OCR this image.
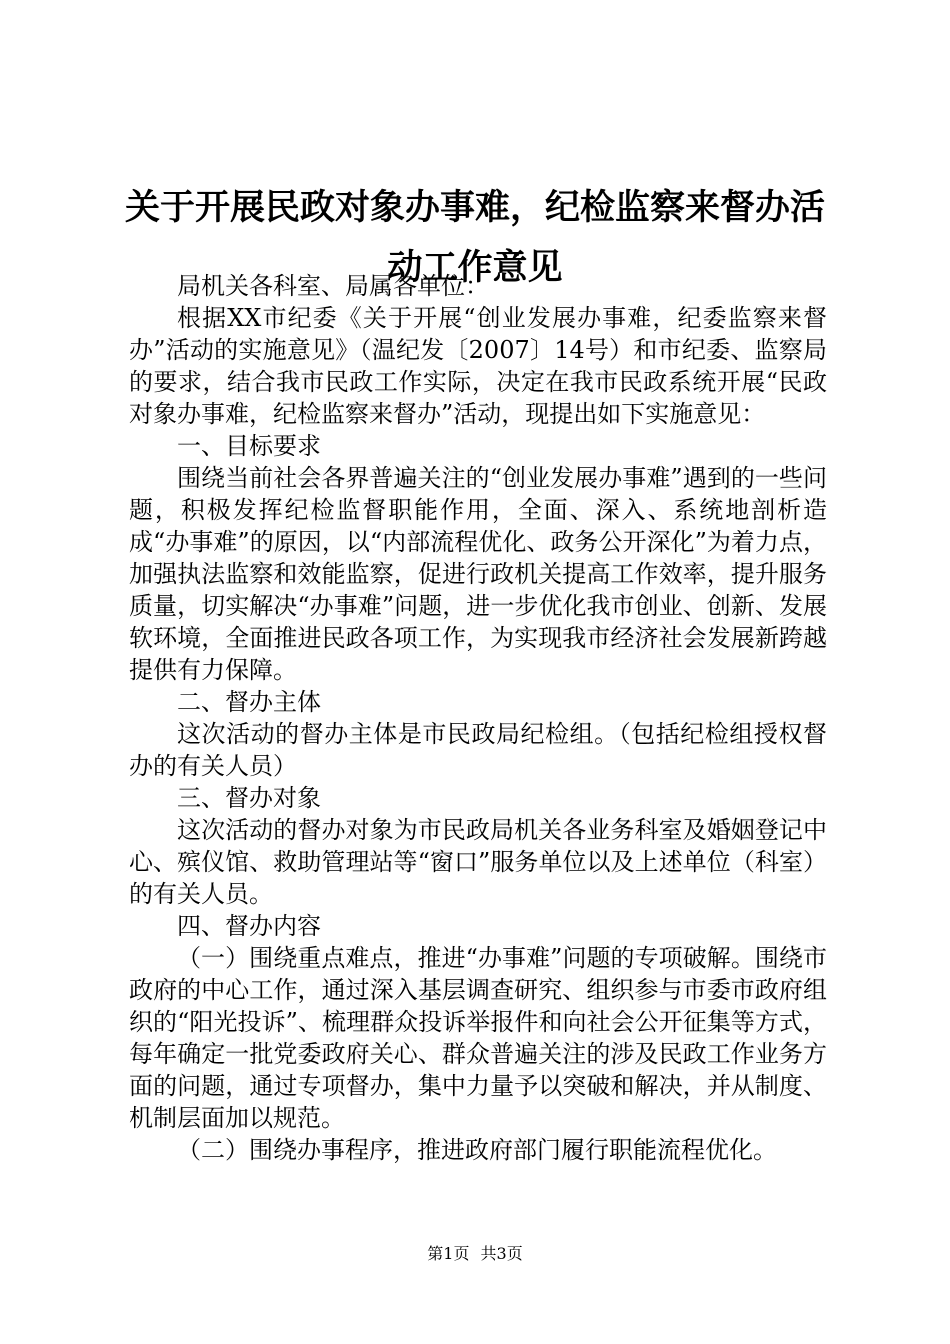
关于开展民政对象办事难，纪检监察来督办活
动工作意见

局机关各科室、局属各单位：

根据XX市纪委《关于开展“创业发展办事难，纪委监察来督办”活动的实施意见》（温纪发〔2007〕14号）和市纪委、监察局的要求，结合我市民政工作实际，决定在我市民政系统开展“民政对象办事难，纪检监察来督办”活动，现提出如下实施意见：

一、目标要求

围绕当前社会各界普遍关注的“创业发展办事难”遇到的一些问题，积极发挥纪检监督职能作用，全面、深入、系统地剖析造成“办事难”的原因，以“内部流程优化、政务公开深化”为着力点，加强执法监察和效能监察，促进行政机关提高工作效率，提升服务质量，切实解决“办事难”问题，进一步优化我市创业、创新、发展软环境，全面推进民政各项工作，为实现我市经济社会发展新跨越提供有力保障。

二、督办主体

这次活动的督办主体是市民政局纪检组。（包括纪检组授权督办的有关人员）

三、督办对象

这次活动的督办对象为市民政局机关各业务科室及婚姻登记中心、殡仪馆、救助管理站等“窗口”服务单位以及上述单位（科室）的有关人员。

四、督办内容

（一）围绕重点难点，推进“办事难”问题的专项破解。围绕市政府的中心工作，通过深入基层调查研究、组织参与市委市政府组织的“阳光投诉”、梳理群众投诉举报件和向社会公开征集等方式，每年确定一批党委政府关心、群众普遍关注的涉及民政工作业务方面的问题，通过专项督办，集中力量予以突破和解决，并从制度、机制层面加以规范。

（二）围绕办事程序，推进政府部门履行职能流程优化。

第1页 共3页
